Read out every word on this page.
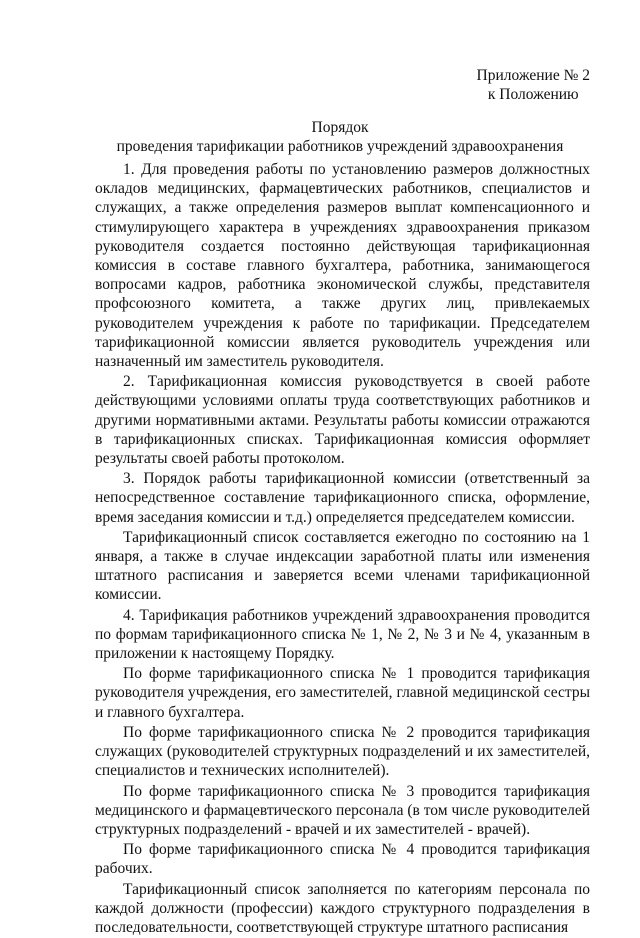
Приложение № 2
к Положению
Порядок
проведения тарификации работников учреждений здравоохранения

1. Для проведения работы по установлению размеров должностных окладов медицинских, фармацевтических работников, специалистов и служащих, а также определения размеров выплат компенсационного и стимулирующего характера в учреждениях здравоохранения приказом руководителя создается постоянно действующая тарификационная комиссия в составе главного бухгалтера, работника, занимающегося вопросами кадров, работника экономической службы, представителя профсоюзного комитета, а также других лиц, привлекаемых руководителем учреждения к работе по тарификации. Председателем тарификационной комиссии является руководитель учреждения или назначенный им заместитель руководителя.

2. Тарификационная комиссия руководствуется в своей работе действующими условиями оплаты труда соответствующих работников и другими нормативными актами. Результаты работы комиссии отражаются в тарификационных списках. Тарификационная комиссия оформляет результаты своей работы протоколом.

3. Порядок работы тарификационной комиссии (ответственный за непосредственное составление тарификационного списка, оформление, время заседания комиссии и т.д.) определяется председателем комиссии.

Тарификационный список составляется ежегодно по состоянию на 1 января, а также в случае индексации заработной платы или изменения штатного расписания и заверяется всеми членами тарификационной комиссии.

4. Тарификация работников учреждений здравоохранения проводится по формам тарификационного списка № 1, № 2, № 3 и № 4, указанным в приложении к настоящему Порядку.

По форме тарификационного списка № 1 проводится тарификация руководителя учреждения, его заместителей, главной медицинской сестры и главного бухгалтера.

По форме тарификационного списка № 2 проводится тарификация служащих (руководителей структурных подразделений и их заместителей, специалистов и технических исполнителей).

По форме тарификационного списка № 3 проводится тарификация медицинского и фармацевтического персонала (в том числе руководителей структурных подразделений - врачей и их заместителей - врачей).

По форме тарификационного списка № 4 проводится тарификация рабочих.

Тарификационный список заполняется по категориям персонала по каждой должности (профессии) каждого структурного подразделения в последовательности, соответствующей структуре штатного расписания
